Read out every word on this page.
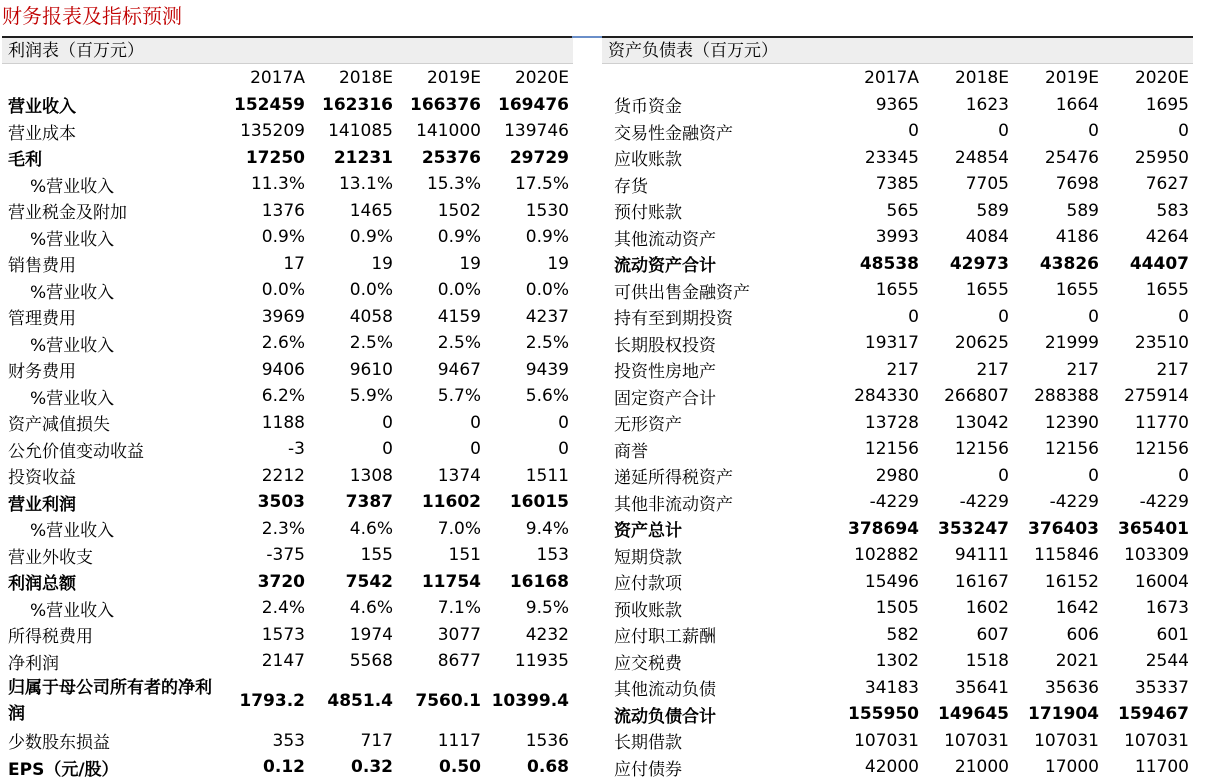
财务报表及指标预测
利润表（百万元）	资产负债表（百万元）
	2017A	2018E	2019E	2020E
营业收入	152459	162316	166376	169476
营业成本	135209	141085	141000	139746
毛利	17250	21231	25376	29729
%营业收入	11.3%	13.1%	15.3%	17.5%
营业税金及附加	1376	1465	1502	1530
%营业收入	0.9%	0.9%	0.9%	0.9%
销售费用	17	19	19	19
%营业收入	0.0%	0.0%	0.0%	0.0%
管理费用	3969	4058	4159	4237
%营业收入	2.6%	2.5%	2.5%	2.5%
财务费用	9406	9610	9467	9439
%营业收入	6.2%	5.9%	5.7%	5.6%
资产减值损失	1188	0	0	0
公允价值变动收益	-3	0	0	0
投资收益	2212	1308	1374	1511
营业利润	3503	7387	11602	16015
%营业收入	2.3%	4.6%	7.0%	9.4%
营业外收支	-375	155	151	153
利润总额	3720	7542	11754	16168
%营业收入	2.4%	4.6%	7.1%	9.5%
所得税费用	1573	1974	3077	4232
净利润	2147	5568	8677	11935
归属于母公司所有者的净利润	1793.2	4851.4	7560.1	10399.4
少数股东损益	353	717	1117	1536
EPS（元/股）	0.12	0.32	0.50	0.68
	2017A	2018E	2019E	2020E
货币资金	9365	1623	1664	1695
交易性金融资产	0	0	0	0
应收账款	23345	24854	25476	25950
存货	7385	7705	7698	7627
预付账款	565	589	589	583
其他流动资产	3993	4084	4186	4264
流动资产合计	48538	42973	43826	44407
可供出售金融资产	1655	1655	1655	1655
持有至到期投资	0	0	0	0
长期股权投资	19317	20625	21999	23510
投资性房地产	217	217	217	217
固定资产合计	284330	266807	288388	275914
无形资产	13728	13042	12390	11770
商誉	12156	12156	12156	12156
递延所得税资产	2980	0	0	0
其他非流动资产	-4229	-4229	-4229	-4229
资产总计	378694	353247	376403	365401
短期贷款	102882	94111	115846	103309
应付款项	15496	16167	16152	16004
预收账款	1505	1602	1642	1673
应付职工薪酬	582	607	606	601
应交税费	1302	1518	2021	2544
其他流动负债	34183	35641	35636	35337
流动负债合计	155950	149645	171904	159467
长期借款	107031	107031	107031	107031
应付债券	42000	21000	17000	11700
